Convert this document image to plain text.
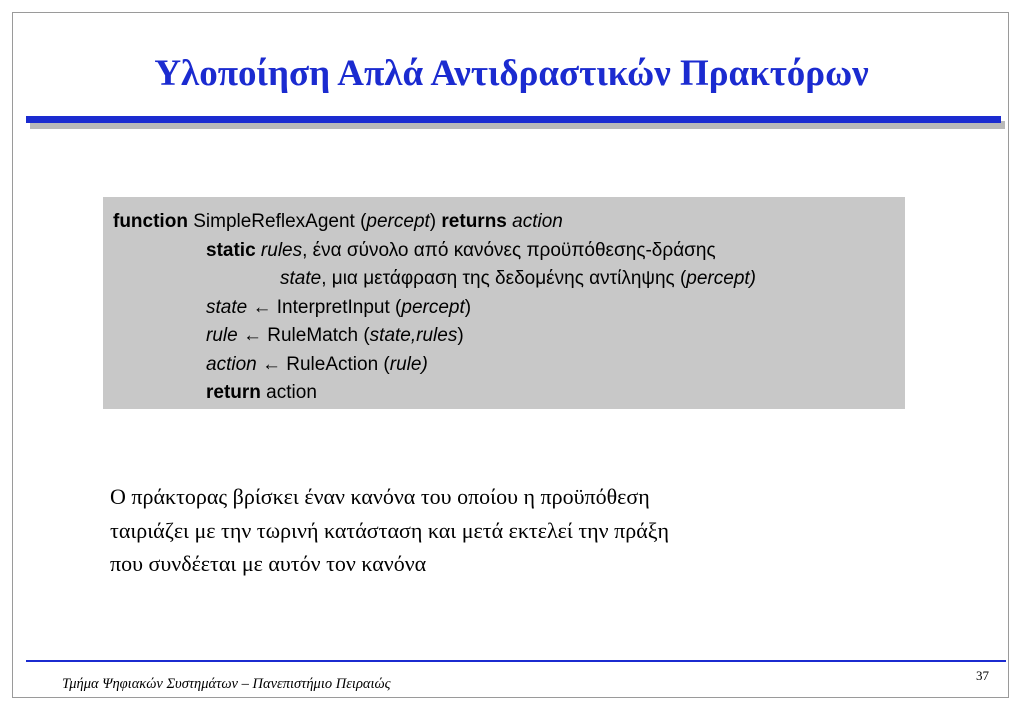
Υλοποίηση Απλά Αντιδραστικών Πρακτόρων
function SimpleReflexAgent (percept) returns action
static rules, ένα σύνολο από κανόνες προϋπόθεσης-δράσης
state, μια μετάφραση της δεδομένης αντίληψης (percept)
state ← InterpretInput (percept)
rule ← RuleMatch (state,rules)
action ← RuleAction (rule)
return action
Ο πράκτορας βρίσκει έναν κανόνα του οποίου η προϋπόθεση
ταιριάζει με την τωρινή κατάσταση και μετά εκτελεί την πράξη
που συνδέεται με αυτόν τον κανόνα
Τμήμα Ψηφιακών Συστημάτων – Πανεπιστήμιο Πειραιώς
37
